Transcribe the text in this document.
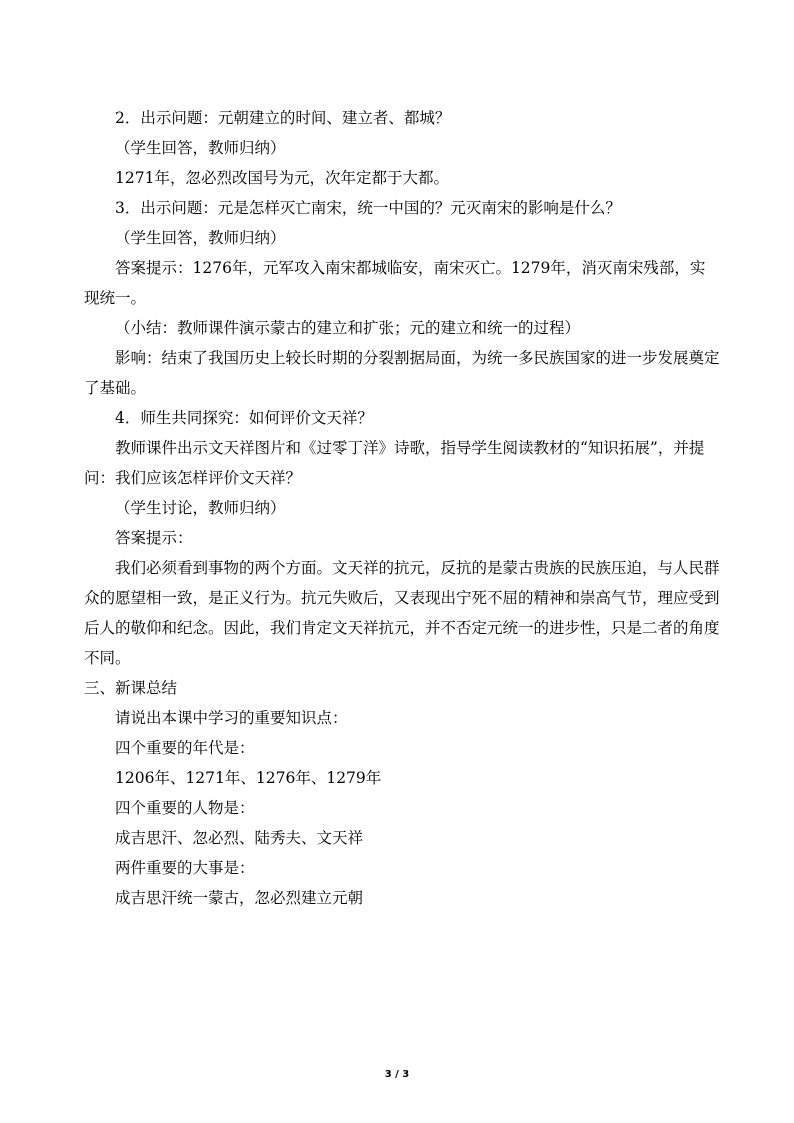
2．出示问题：元朝建立的时间、建立者、都城？

（学生回答，教师归纳）

1271年，忽必烈改国号为元，次年定都于大都。

3．出示问题：元是怎样灭亡南宋，统一中国的？元灭南宋的影响是什么？

（学生回答，教师归纳）

答案提示：1276年，元军攻入南宋都城临安，南宋灭亡。1279年，消灭南宋残部，实现统一。

（小结：教师课件演示蒙古的建立和扩张；元的建立和统一的过程）

影响：结束了我国历史上较长时期的分裂割据局面，为统一多民族国家的进一步发展奠定了基础。

4．师生共同探究：如何评价文天祥？

教师课件出示文天祥图片和《过零丁洋》诗歌，指导学生阅读教材的“知识拓展”，并提问：我们应该怎样评价文天祥？

（学生讨论，教师归纳）

答案提示：

我们必须看到事物的两个方面。文天祥的抗元，反抗的是蒙古贵族的民族压迫，与人民群众的愿望相一致，是正义行为。抗元失败后，又表现出宁死不屈的精神和崇高气节，理应受到后人的敬仰和纪念。因此，我们肯定文天祥抗元，并不否定元统一的进步性，只是二者的角度不同。

三、新课总结

请说出本课中学习的重要知识点：

四个重要的年代是：

1206年、1271年、1276年、1279年

四个重要的人物是：

成吉思汗、忽必烈、陆秀夫、文天祥

两件重要的大事是：

成吉思汗统一蒙古，忽必烈建立元朝

3 / 3
